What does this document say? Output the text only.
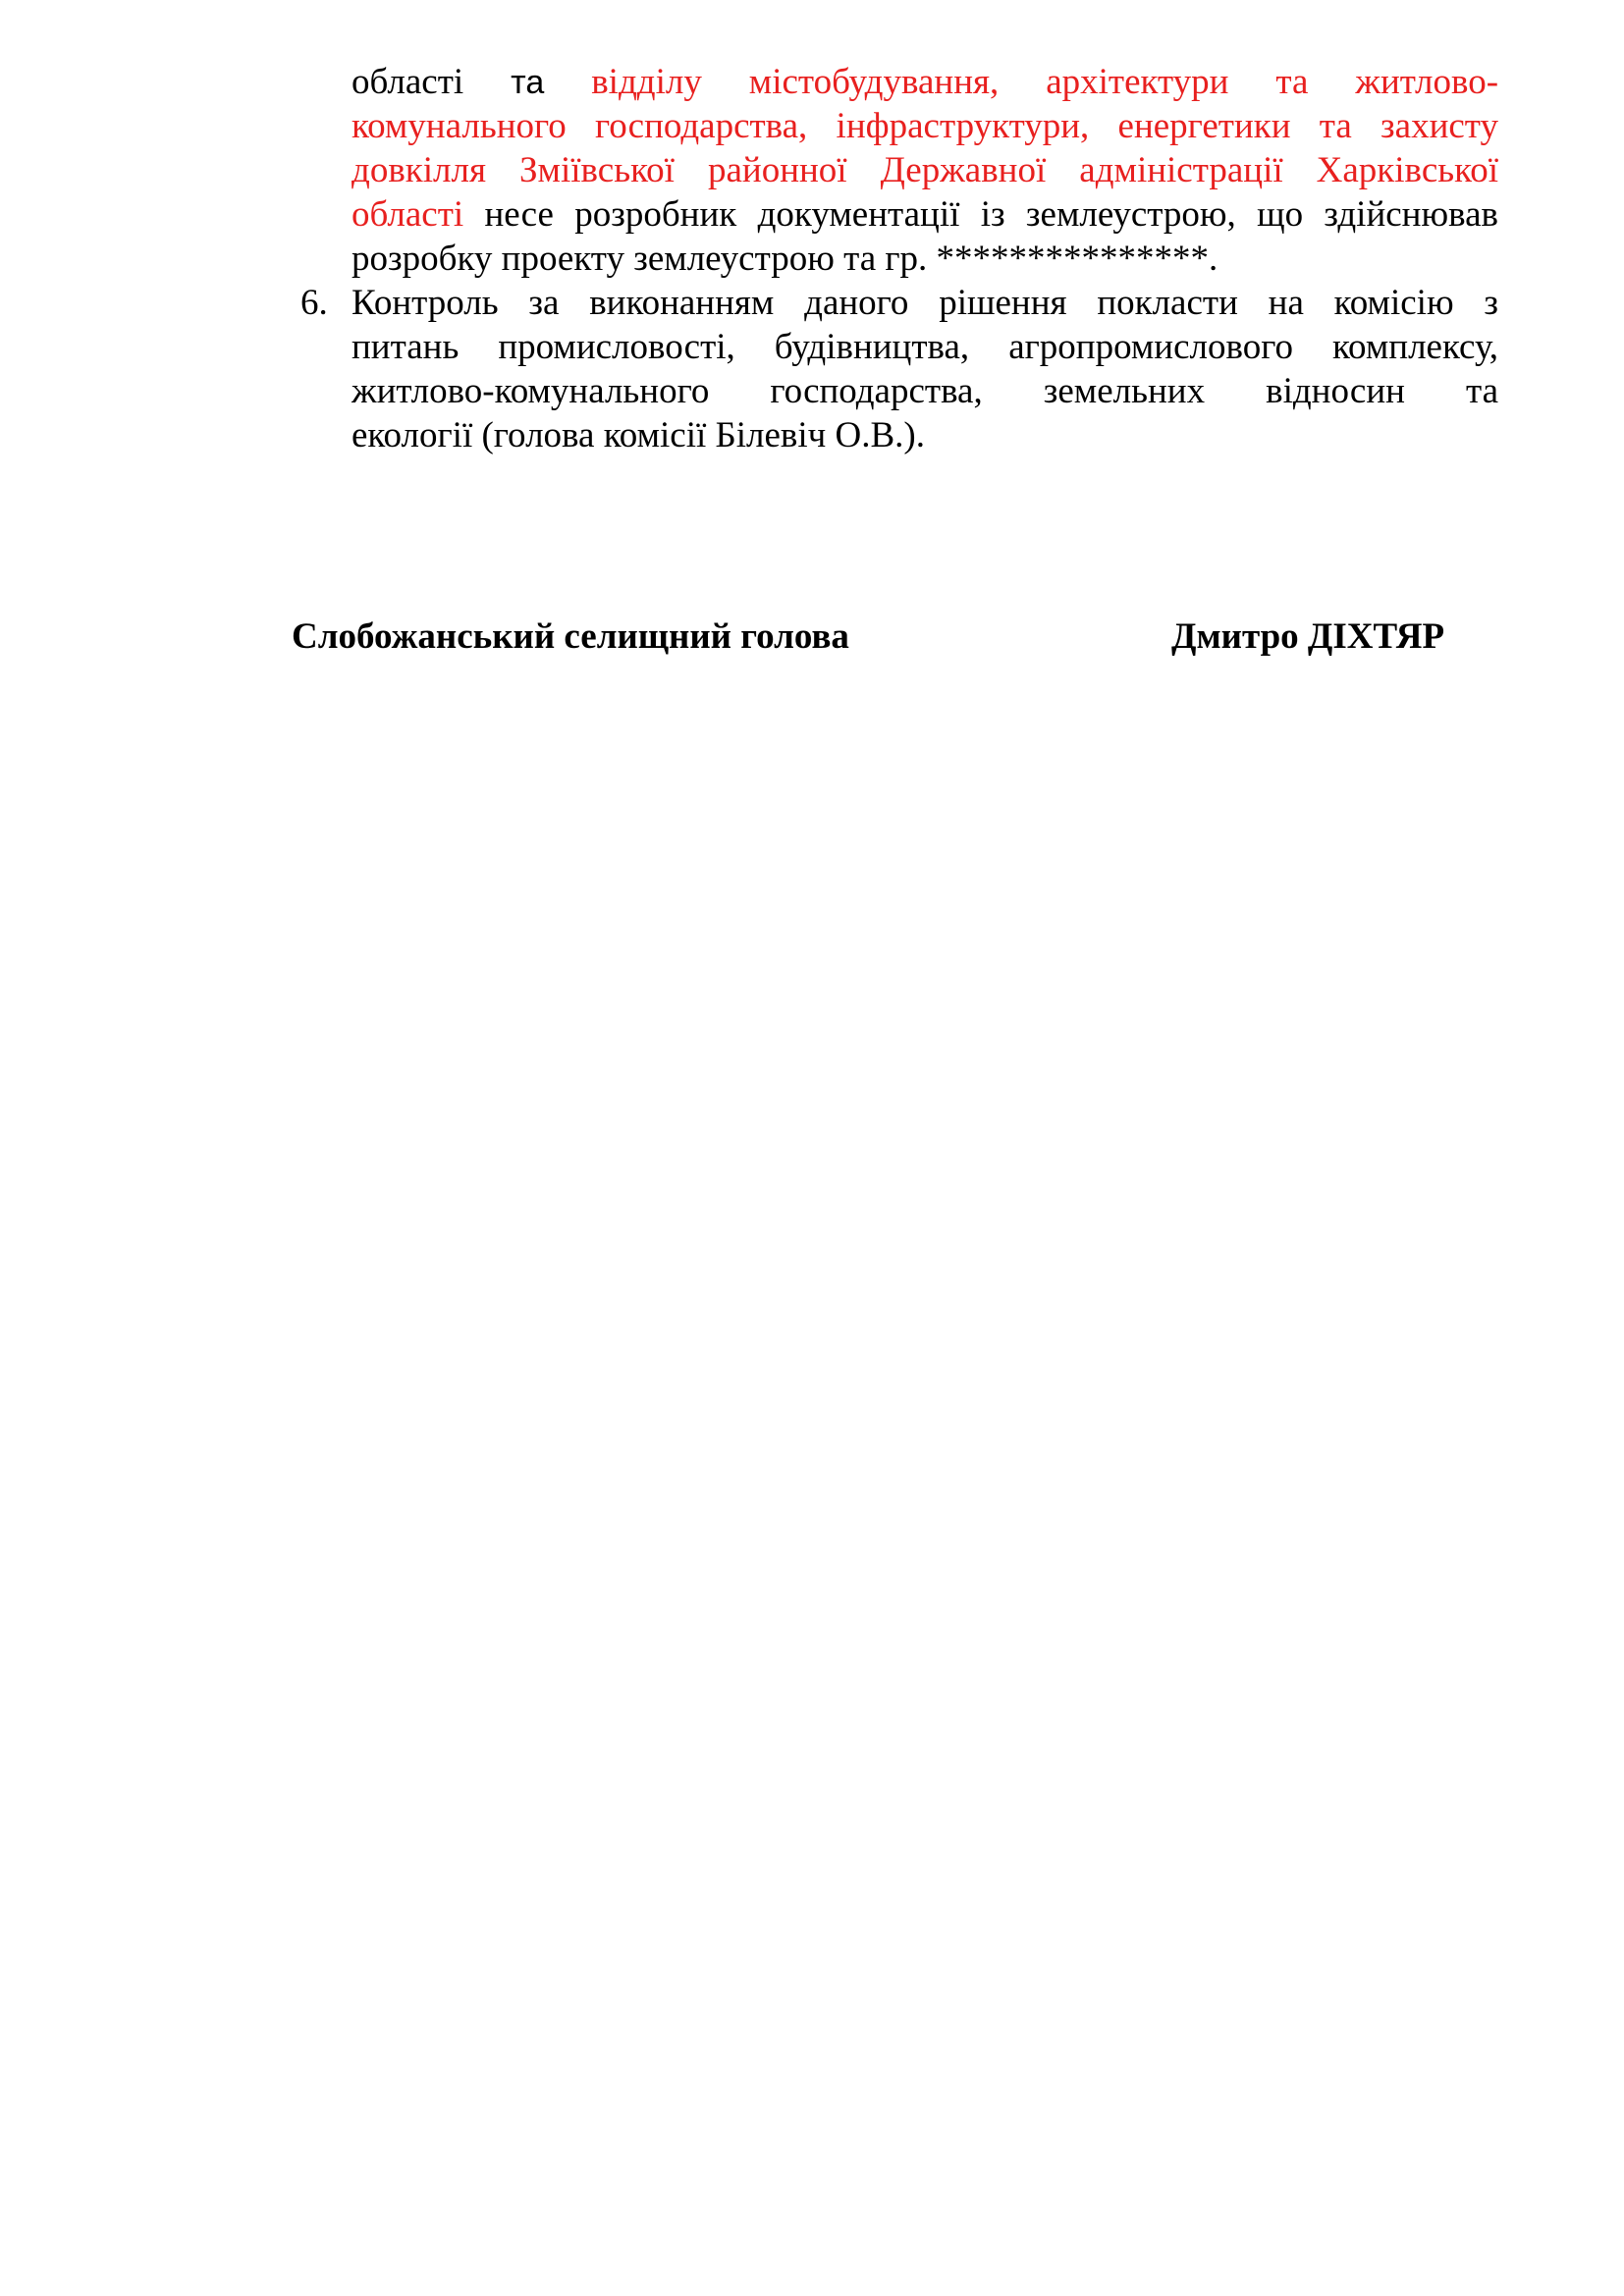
області та відділу містобудування, архітектури та житлово-
комунального господарства, інфраструктури, енергетики та захисту
довкілля Зміївської районної Державної адміністрації Харківської
області несе розробник документації із землеустрою, що здійснював
розробку проекту землеустрою та гр. ***************.
6. Контроль за виконанням даного рішення покласти на комісію з
питань промисловості, будівництва, агропромислового комплексу,
житлово-комунального господарства, земельних відносин та
екології (голова комісії Білевіч О.В.).
Слобожанський селищний голова	Дмитро ДІХТЯР
